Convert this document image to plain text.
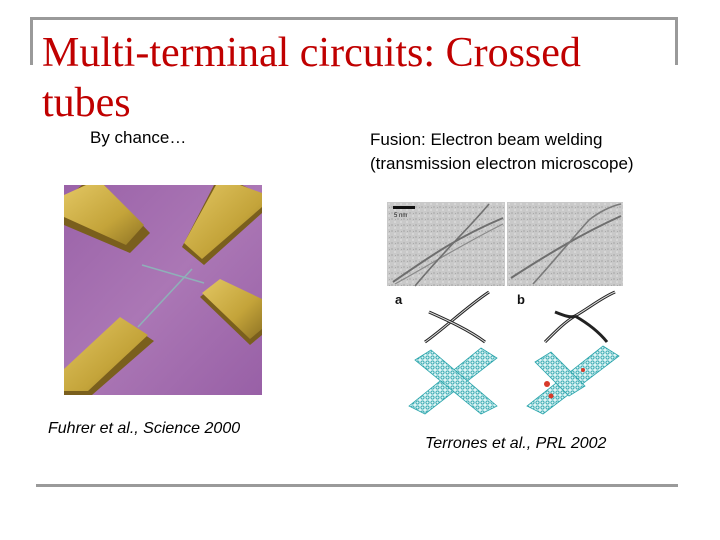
Multi-terminal circuits: Crossed tubes
By chance…	Fusion: Electron beam welding (transmission electron microscope)
5 nm
a	b
Fuhrer et al., Science 2000
Terrones et al., PRL 2002
